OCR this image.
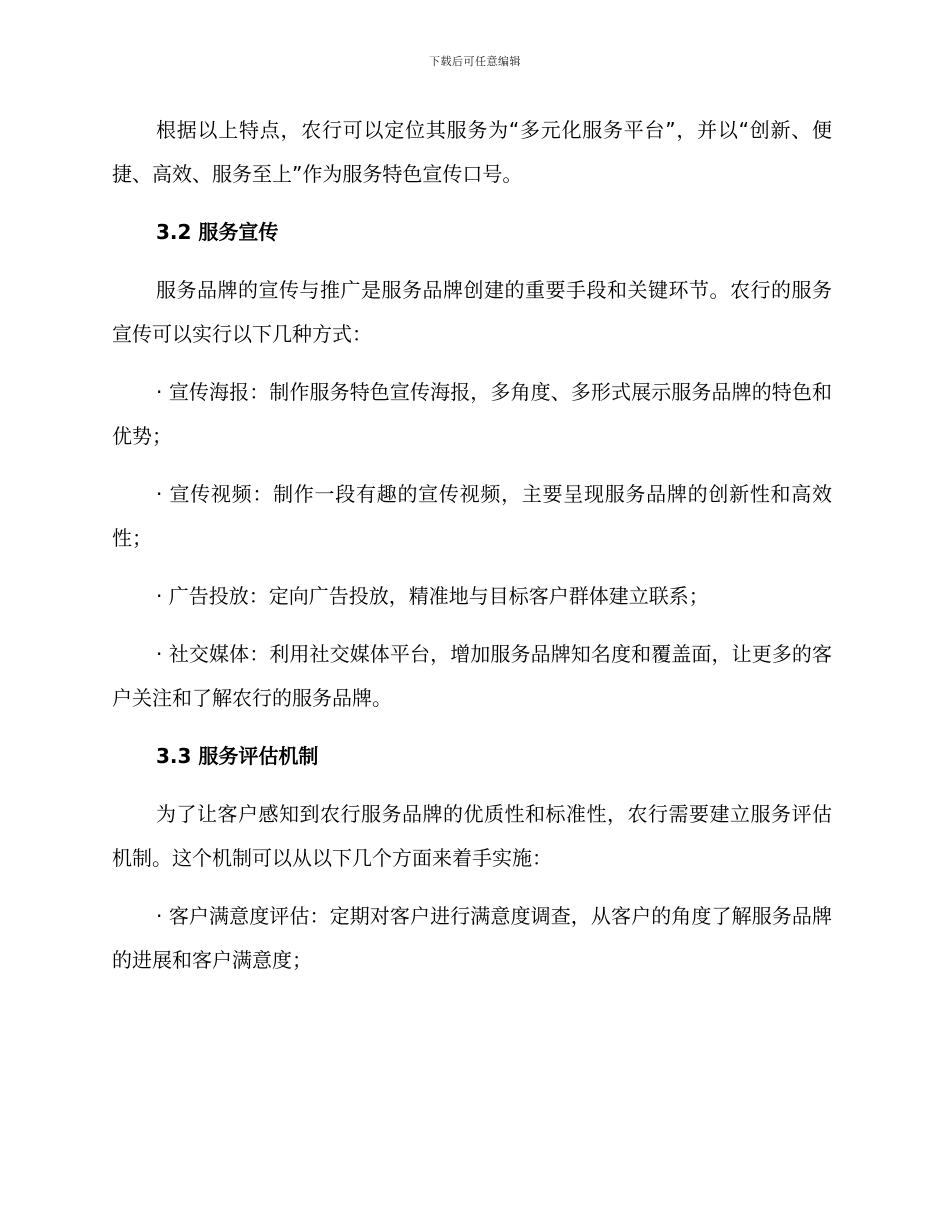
下载后可任意编辑

根据以上特点，农行可以定位其服务为“多元化服务平台”，并以“创新、便捷、高效、服务至上”作为服务特色宣传口号。

3.2 服务宣传

服务品牌的宣传与推广是服务品牌创建的重要手段和关键环节。农行的服务宣传可以实行以下几种方式：

· 宣传海报：制作服务特色宣传海报，多角度、多形式展示服务品牌的特色和优势；

· 宣传视频：制作一段有趣的宣传视频，主要呈现服务品牌的创新性和高效性；

· 广告投放：定向广告投放，精准地与目标客户群体建立联系；

· 社交媒体：利用社交媒体平台，增加服务品牌知名度和覆盖面，让更多的客户关注和了解农行的服务品牌。

3.3 服务评估机制

为了让客户感知到农行服务品牌的优质性和标准性，农行需要建立服务评估机制。这个机制可以从以下几个方面来着手实施：

· 客户满意度评估：定期对客户进行满意度调查，从客户的角度了解服务品牌的进展和客户满意度；
